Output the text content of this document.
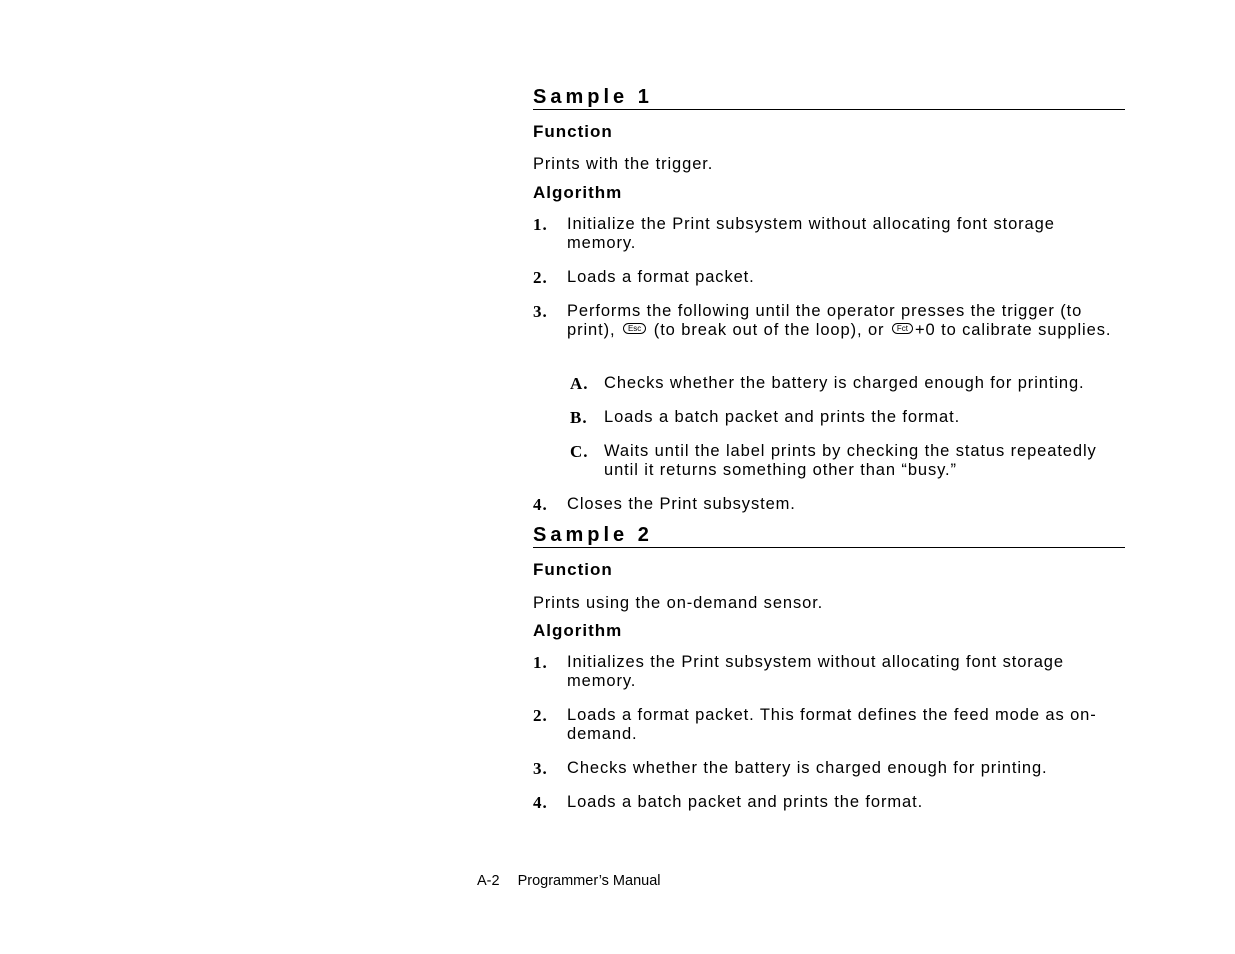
Sample 1
Function
Prints with the trigger.
Algorithm
1. Initialize the Print subsystem without allocating font storage memory.
2. Loads a format packet.
3. Performs the following until the operator presses the trigger (to print), Esc (to break out of the loop), or Fct +0 to calibrate supplies.
A. Checks whether the battery is charged enough for printing.
B. Loads a batch packet and prints the format.
C. Waits until the label prints by checking the status repeatedly until it returns something other than “busy.”
4. Closes the Print subsystem.
Sample 2
Function
Prints using the on-demand sensor.
Algorithm
1. Initializes the Print subsystem without allocating font storage memory.
2. Loads a format packet. This format defines the feed mode as on-demand.
3. Checks whether the battery is charged enough for printing.
4. Loads a batch packet and prints the format.
A-2 Programmer’s Manual
